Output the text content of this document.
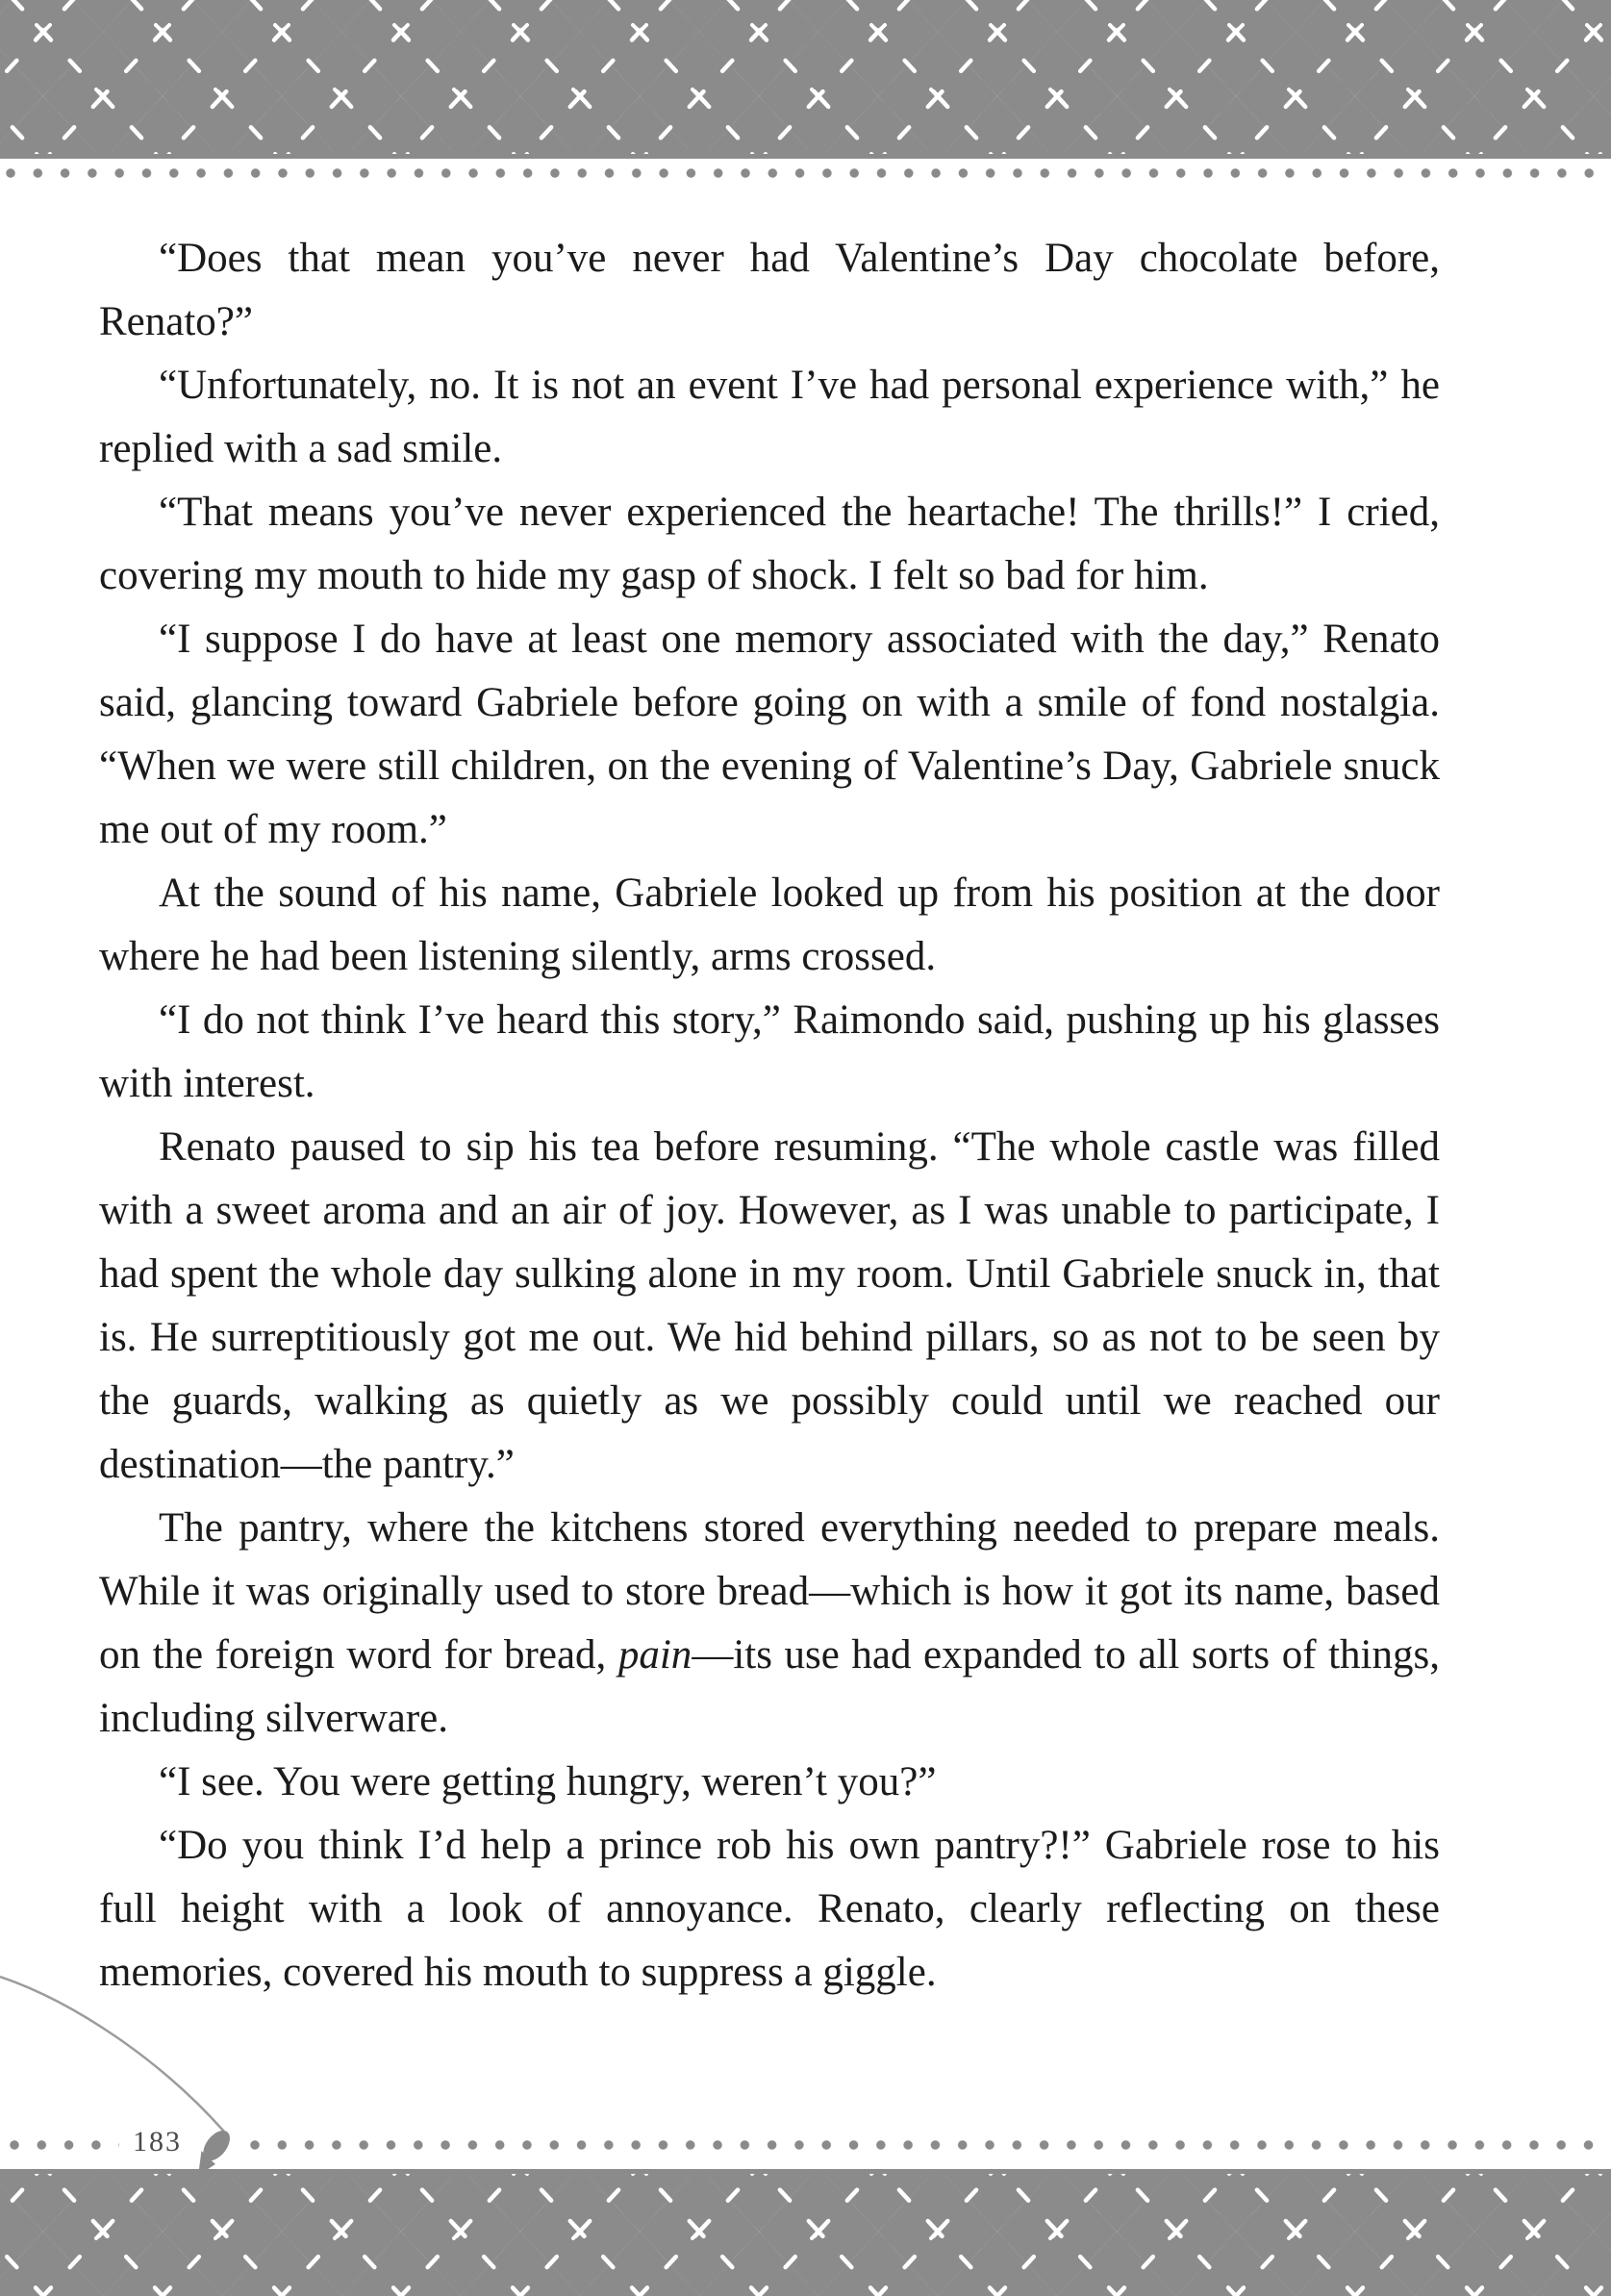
“Does that mean you’ve never had Valentine’s Day chocolate before, Renato?”

“Unfortunately, no. It is not an event I’ve had personal experience with,” he replied with a sad smile.

“That means you’ve never experienced the heartache! The thrills!” I cried, covering my mouth to hide my gasp of shock. I felt so bad for him.

“I suppose I do have at least one memory associated with the day,” Renato said, glancing toward Gabriele before going on with a smile of fond nostalgia. “When we were still children, on the evening of Valentine’s Day, Gabriele snuck me out of my room.”

At the sound of his name, Gabriele looked up from his position at the door where he had been listening silently, arms crossed.

“I do not think I’ve heard this story,” Raimondo said, pushing up his glasses with interest.

Renato paused to sip his tea before resuming. “The whole castle was filled with a sweet aroma and an air of joy. However, as I was unable to participate, I had spent the whole day sulking alone in my room. Until Gabriele snuck in, that is. He surreptitiously got me out. We hid behind pillars, so as not to be seen by the guards, walking as quietly as we possibly could until we reached our destination—the pantry.”

The pantry, where the kitchens stored everything needed to prepare meals. While it was originally used to store bread—which is how it got its name, based on the foreign word for bread, pain—its use had expanded to all sorts of things, including silverware.

“I see. You were getting hungry, weren’t you?”

“Do you think I’d help a prince rob his own pantry?!” Gabriele rose to his full height with a look of annoyance. Renato, clearly reflecting on these memories, covered his mouth to suppress a giggle.

183
